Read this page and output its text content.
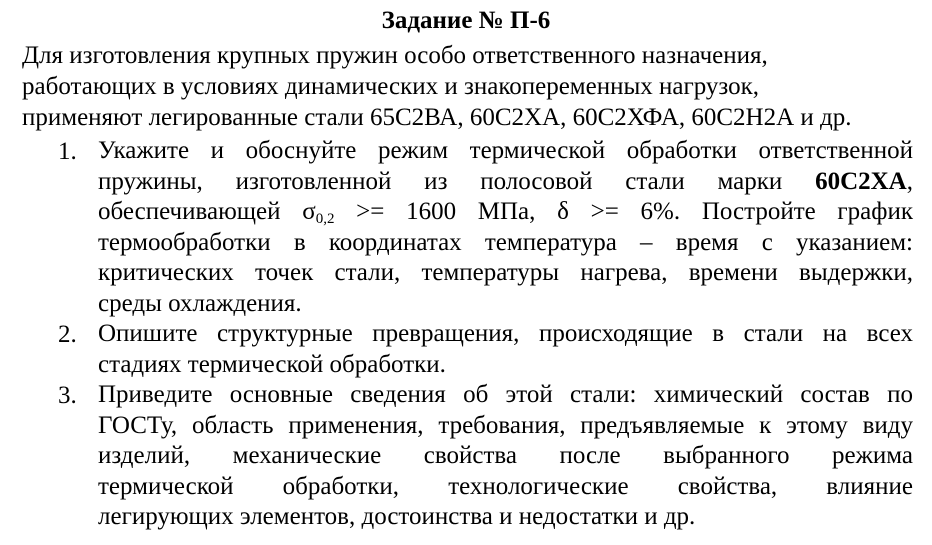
Задание № П-6
Для изготовления крупных пружин особо ответственного назначения,
работающих в условиях динамических и знакопеременных нагрузок,
применяют легированные стали 65С2ВА, 60С2ХА, 60С2ХФА, 60С2Н2А и др.
1. Укажите и обоснуйте режим термической обработки ответственной
пружины, изготовленной из полосовой стали марки 60С2ХА,
обеспечивающей $\sigma_{0,2} >= 1600$ МПа, δ >= 6%. Постройте график
термообработки в координатах температура – время с указанием:
критических точек стали, температуры нагрева, времени выдержки,
среды охлаждения.
2. Опишите структурные превращения, происходящие в стали на всех
стадиях термической обработки.
3. Приведите основные сведения об этой стали: химический состав по
ГОСТу, область применения, требования, предъявляемые к этому виду
изделий, механические свойства после выбранного режима
термической обработки, технологические свойства, влияние
легирующих элементов, достоинства и недостатки и др.
